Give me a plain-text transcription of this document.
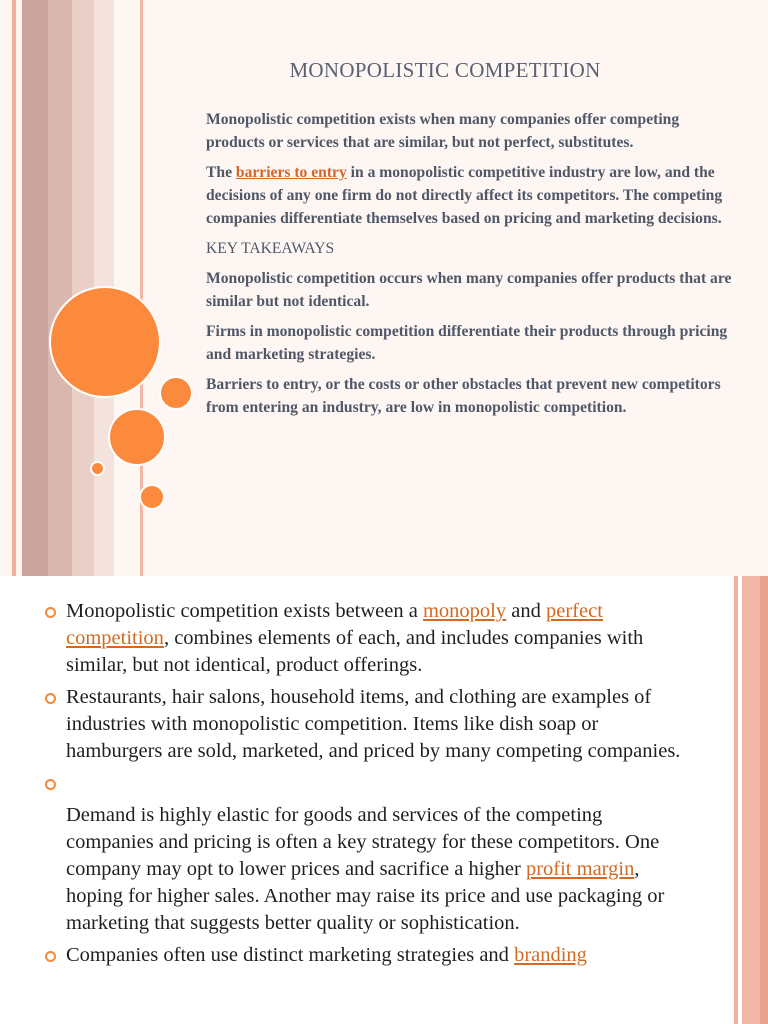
MONOPOLISTIC COMPETITION

Monopolistic competition exists when many companies offer competing products or services that are similar, but not perfect, substitutes.

The barriers to entry in a monopolistic competitive industry are low, and the decisions of any one firm do not directly affect its competitors. The competing companies differentiate themselves based on pricing and marketing decisions.

KEY TAKEAWAYS

Monopolistic competition occurs when many companies offer products that are similar but not identical.

Firms in monopolistic competition differentiate their products through pricing and marketing strategies.

Barriers to entry, or the costs or other obstacles that prevent new competitors from entering an industry, are low in monopolistic competition.

Monopolistic competition exists between a monopoly and perfect competition, combines elements of each, and includes companies with similar, but not identical, product offerings.
Restaurants, hair salons, household items, and clothing are examples of industries with monopolistic competition. Items like dish soap or hamburgers are sold, marketed, and priced by many competing companies.
Demand is highly elastic for goods and services of the competing companies and pricing is often a key strategy for these competitors. One company may opt to lower prices and sacrifice a higher profit margin, hoping for higher sales. Another may raise its price and use packaging or marketing that suggests better quality or sophistication.
Companies often use distinct marketing strategies and branding
